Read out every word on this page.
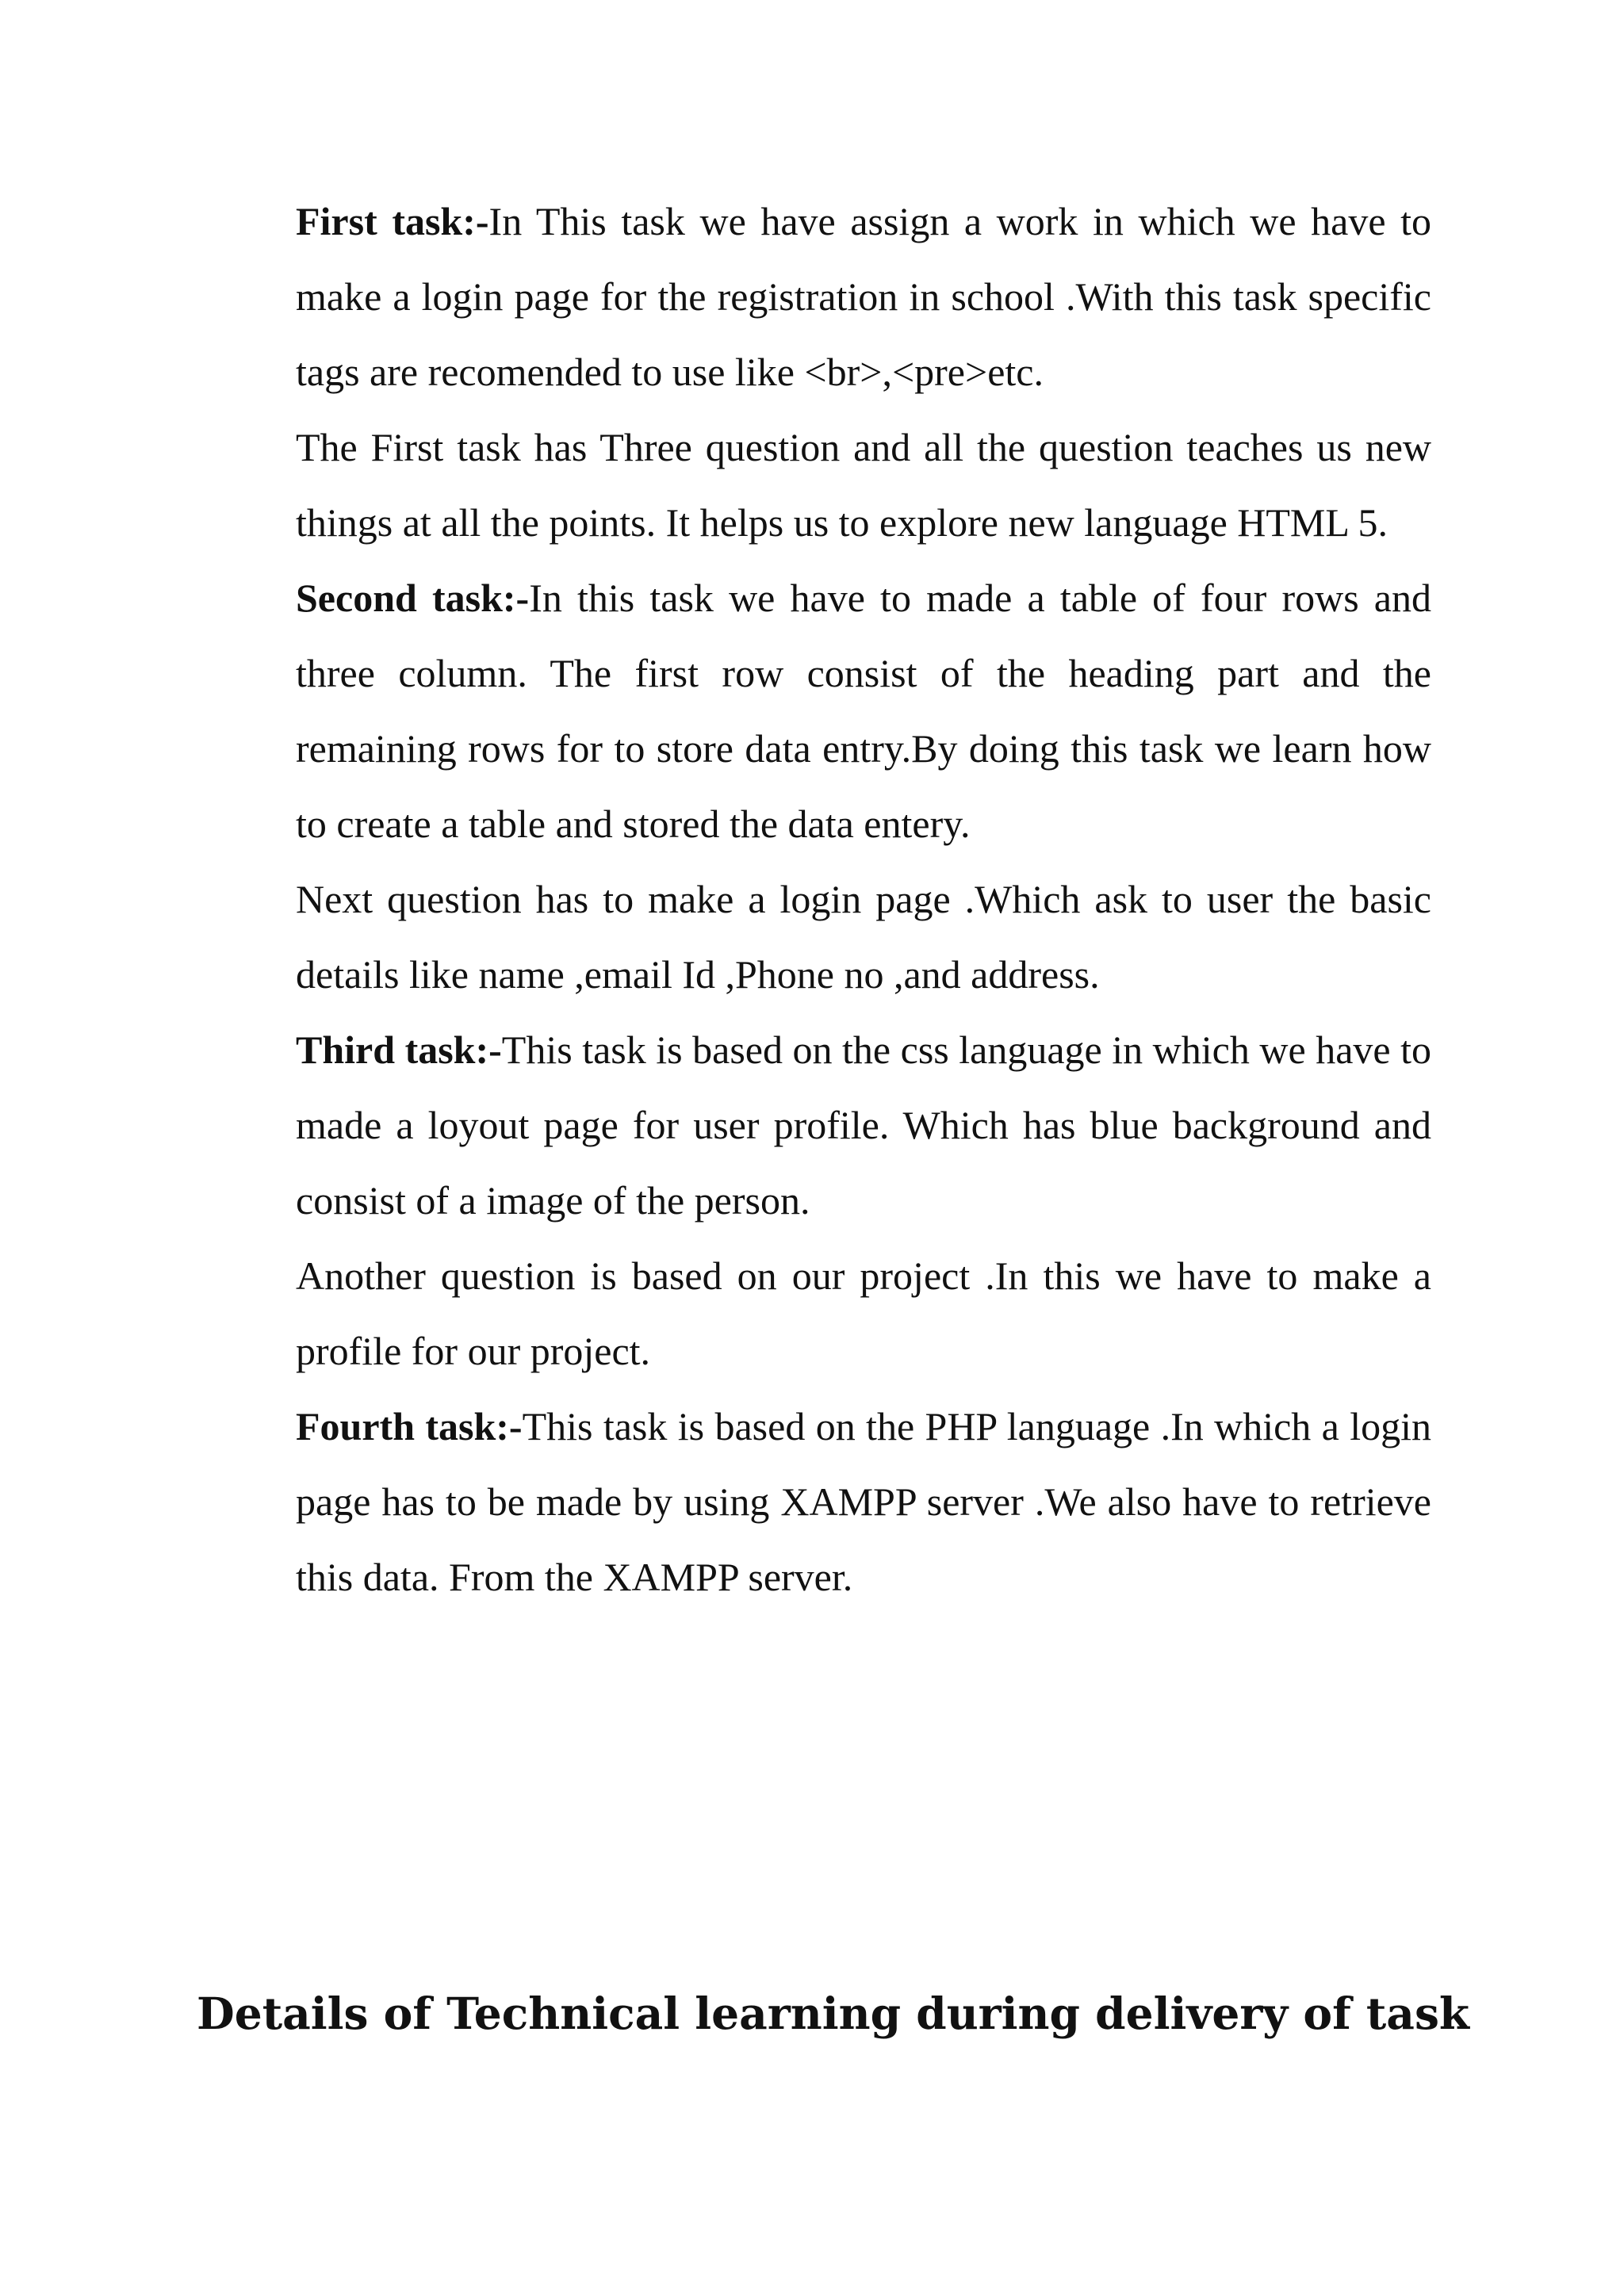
First task:-In This task we have assign a work in which we have to make a login page for the registration in school .With this task specific tags are recomended to use like <br>,<pre>etc.

The First task has Three question and all the question teaches us new things at all the points. It helps us to explore new language HTML 5.

Second task:-In this task we have to made a table of four rows and three column. The first row consist of the heading part and the remaining rows for to store data entry.By doing this task we learn how to create a table and stored the data entery.

Next question has to make a login page .Which ask to user the basic details like name ,email Id ,Phone no ,and address.

Third task:-This task is based on the css language in which we have to made a loyout page for user profile. Which has blue background and consist of a image of the person.

Another question is based on our project .In this we have to make a profile for our project.

Fourth task:-This task is based on the PHP language .In which a login page has to be made by using XAMPP server .We also have to retrieve this data. From the XAMPP server.

Details of Technical learning during delivery of task
